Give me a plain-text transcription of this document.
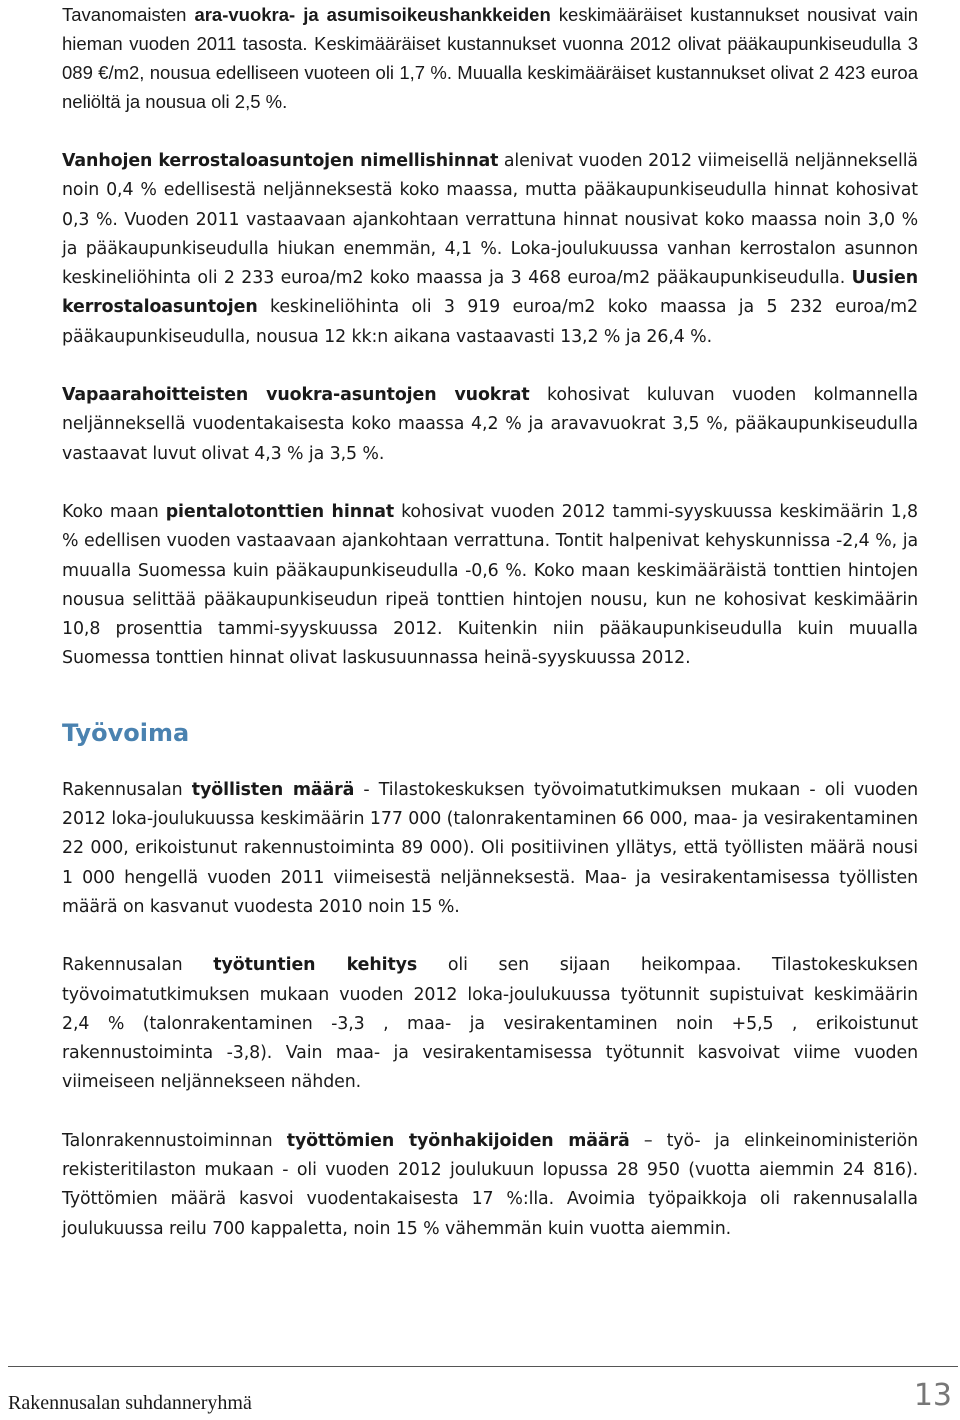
Tavanomaisten ara-vuokra- ja asumisoikeushankkeiden keskimääräiset kustannukset nousivat vain hieman vuoden 2011 tasosta. Keskimääräiset kustannukset vuonna 2012 olivat pääkaupunkiseudulla 3 089 €/m2, nousua edelliseen vuoteen oli 1,7 %. Muualla keskimääräiset kustannukset olivat 2 423 euroa neliöltä ja nousua oli 2,5 %.

Vanhojen kerrostaloasuntojen nimellishinnat alenivat vuoden 2012 viimeisellä neljänneksellä noin 0,4 % edellisestä neljänneksestä koko maassa, mutta pääkaupunkiseudulla hinnat kohosivat 0,3 %. Vuoden 2011 vastaavaan ajankohtaan verrattuna hinnat nousivat koko maassa noin 3,0 % ja pääkaupunkiseudulla hiukan enemmän, 4,1 %. Loka-joulukuussa vanhan kerrostalon asunnon keskineliöhinta oli 2 233 euroa/m2 koko maassa ja 3 468 euroa/m2 pääkaupunkiseudulla. Uusien kerrostaloasuntojen keskineliöhinta oli 3 919 euroa/m2 koko maassa ja 5 232 euroa/m2 pääkaupunkiseudulla, nousua 12 kk:n aikana vastaavasti 13,2 % ja 26,4 %.

Vapaarahoitteisten vuokra-asuntojen vuokrat kohosivat kuluvan vuoden kolmannella neljänneksellä vuodentakaisesta koko maassa 4,2 % ja aravavuokrat 3,5 %, pääkaupunkiseudulla vastaavat luvut olivat 4,3 % ja 3,5 %.

Koko maan pientalotonttien hinnat kohosivat vuoden 2012 tammi-syyskuussa keskimäärin 1,8 % edellisen vuoden vastaavaan ajankohtaan verrattuna. Tontit halpenivat kehyskunnissa -2,4 %, ja muualla Suomessa kuin pääkaupunkiseudulla -0,6 %. Koko maan keskimääräistä tonttien hintojen nousua selittää pääkaupunkiseudun ripeä tonttien hintojen nousu, kun ne kohosivat keskimäärin 10,8 prosenttia tammi-syyskuussa 2012. Kuitenkin niin pääkaupunkiseudulla kuin muualla Suomessa tonttien hinnat olivat laskusuunnassa heinä-syyskuussa 2012.

Työvoima

Rakennusalan työllisten määrä - Tilastokeskuksen työvoimatutkimuksen mukaan - oli vuoden 2012 loka-joulukuussa keskimäärin 177 000 (talonrakentaminen 66 000, maa- ja vesirakentaminen 22 000, erikoistunut rakennustoiminta 89 000). Oli positiivinen yllätys, että työllisten määrä nousi 1 000 hengellä vuoden 2011 viimeisestä neljänneksestä. Maa- ja vesirakentamisessa työllisten määrä on kasvanut vuodesta 2010 noin 15 %.

Rakennusalan työtuntien kehitys oli sen sijaan heikompaa. Tilastokeskuksen työvoimatutkimuksen mukaan vuoden 2012 loka-joulukuussa työtunnit supistuivat keskimäärin 2,4 % (talonrakentaminen -3,3 , maa- ja vesirakentaminen noin +5,5 , erikoistunut rakennustoiminta -3,8). Vain maa- ja vesirakentamisessa työtunnit kasvoivat viime vuoden viimeiseen neljännekseen nähden.

Talonrakennustoiminnan työttömien työnhakijoiden määrä – työ- ja elinkeinoministeriön rekisteritilaston mukaan - oli vuoden 2012 joulukuun lopussa 28 950 (vuotta aiemmin 24 816). Työttömien määrä kasvoi vuodentakaisesta 17 %:lla. Avoimia työpaikkoja oli rakennusalalla joulukuussa reilu 700 kappaletta, noin 15 % vähemmän kuin vuotta aiemmin.

Rakennusalan suhdanneryhmä	13
